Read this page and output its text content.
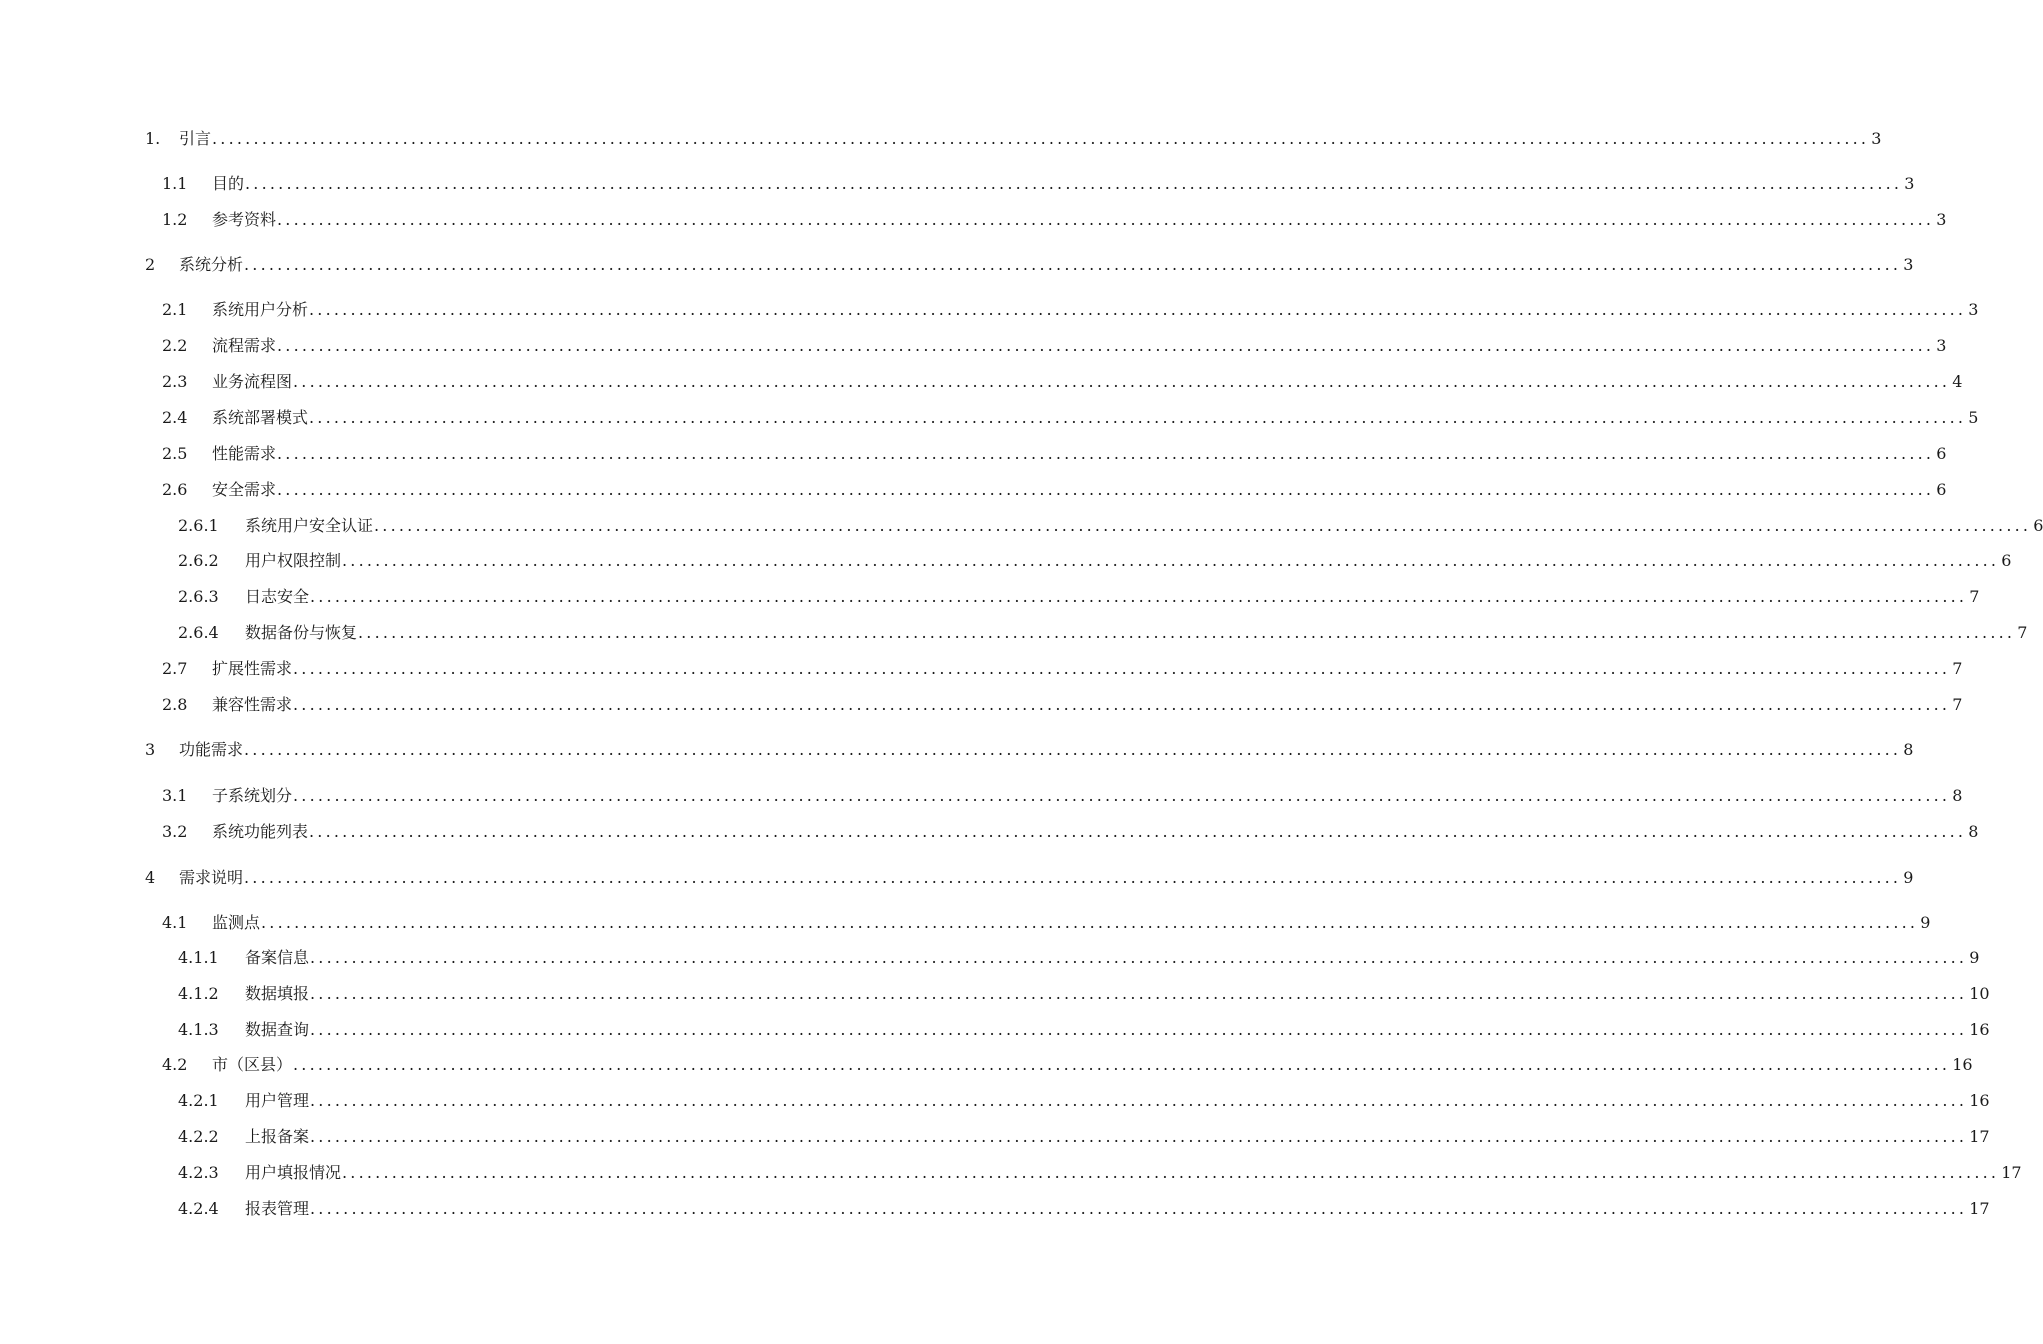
1. 引言 ........................................................................................................................................................................................................ 3
1.1 目的 ........................................................................................................................................................................................................ 3
1.2 参考资料 ........................................................................................................................................................................................................ 3
2 系统分析 ........................................................................................................................................................................................................ 3
2.1 系统用户分析 ........................................................................................................................................................................................................ 3
2.2 流程需求 ........................................................................................................................................................................................................ 3
2.3 业务流程图 ........................................................................................................................................................................................................ 4
2.4 系统部署模式 ........................................................................................................................................................................................................ 5
2.5 性能需求 ........................................................................................................................................................................................................ 6
2.6 安全需求 ........................................................................................................................................................................................................ 6
2.6.1 系统用户安全认证 ........................................................................................................................................................................................................ 6
2.6.2 用户权限控制 ........................................................................................................................................................................................................ 6
2.6.3 日志安全 ........................................................................................................................................................................................................ 7
2.6.4 数据备份与恢复 ........................................................................................................................................................................................................ 7
2.7 扩展性需求 ........................................................................................................................................................................................................ 7
2.8 兼容性需求 ........................................................................................................................................................................................................ 7
3 功能需求 ........................................................................................................................................................................................................ 8
3.1 子系统划分 ........................................................................................................................................................................................................ 8
3.2 系统功能列表 ........................................................................................................................................................................................................ 8
4 需求说明 ........................................................................................................................................................................................................ 9
4.1 监测点 ........................................................................................................................................................................................................ 9
4.1.1 备案信息 ........................................................................................................................................................................................................ 9
4.1.2 数据填报 ........................................................................................................................................................................................................ 10
4.1.3 数据查询 ........................................................................................................................................................................................................ 16
4.2 市（区县） ........................................................................................................................................................................................................ 16
4.2.1 用户管理 ........................................................................................................................................................................................................ 16
4.2.2 上报备案 ........................................................................................................................................................................................................ 17
4.2.3 用户填报情况 ........................................................................................................................................................................................................ 17
4.2.4 报表管理 ........................................................................................................................................................................................................ 17
